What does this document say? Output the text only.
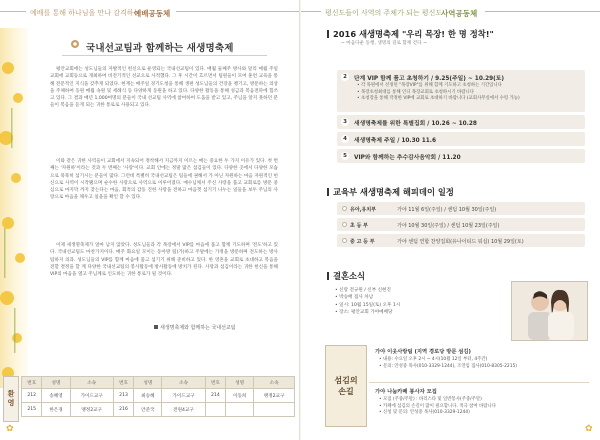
예배를 통해 하나님을 만나 감격하는
예배공동체
국내선교팀과 함께하는 새생명축제

평안교회에는 성도님들의 자발적인 헌신으로 운영되는 국내선교팀이 있다. 매월 둘째주 방사와 달리 매월 주일 교회에 교회등으로 개최하여 비전기적인 선교으로 사적했다. 그 후 시간이 흐르면서 팀원들이 모여 훈련 교육을 통해 전문적인 지식을 갖추게 되었다. 현재는 매주일 경기도청을 통해 생편 성도님들의 건강을 챙기고, 방문하는 의상을 주체하여 동원 매월 속원 및 세례식 등 다양하게 동원을 하고 있다. 다양한 활동을 통해 성금과 복음전파에 힘쓰고 있다. 그 결과 매년 1,000여명의 분들이 국내 선교팀 사역에 참여하여 도움을 받고 있고, 주님을 알지 못하던 분들이 복음을 듣게 되는 귀한 통로로 사용되고 있다.

이와 같은 귀한 사역들이 교회에서 지속되어 정착해서 지금까지 이르는 매는 중요한 두 가지 이유가 있다. 첫 번째는 '자원하'이라는 것과 두 번째는 '사랑'이다. 교회 안에는 정말 많은 섬김들이 있다. 다양한 곳에서 다양한 모습으로 묵묵히 섬기시는 분들이 많다. 그런데 특별히 국내선교팀은 팀들에 권해서 가 아닌 자원하는 마음 자원적인 헌신으로 사역이 시작됐으며 순수한 사랑으로 사역으로 이루어졌다. 예수님께서 주신 사랑을 품고 교회로를 방문 중심으로 마지막 까지 찾는다는 마음, 회적의 감동 진한 사랑을 전하고 마음껏 섬기기 나누는 일들을 보두 주님의 사랑으로 마음을 채우고 일을을 확인 할 수 있다.

이제 새생명축제가 얼마 남지 않았다. 성도님들과 각 목장에서 VIP를 마음에 품고 함께 기도하며 '전도'하고 있다. 국내선교팀도 마찬가지이다. 매주 화요일 모이는 동아방 팀(가)하고 주말에는 가정을 방문하며 전도하는 방사팀하지 의과. 성도님들의 VIP를 함께 마음에 품고 섬기기 위해 준비하고 있다. 한 영혼을 교회로 초대하고 복음을 전할 결정을 할 계 다양한 국내선교팀의 봉사활동에 방사활동에 방치가 된다. 사랑과 섬김이라는 귀한 헌신을 통해 VIP의 마음을 열고 주님께로 인도하는 귀한 통로가 될 것이다.

새생명축제와 함께하는 국내선교팀
환
영
번호	성명	소속	번호	성명	소속	번호	성명	소속
212	송혜영	가이드교구	213	최승혜	가이드교구	214	이동희	맹정2교구
215	한은경	맹정2교구	216	안준국	전원4교구			
✿
평신도들이 사역의 주체가 되는 평신도
사역공동체
2016 새생명축제 "우리 목장! 한 명 정착!"
~ 마음다운 동행, 생명의 길로 함께 걷다 ~
2	단계 VIP 함께 품고 초청하기 / 9.25(주일) ~ 10.29(토)
• 각 목원에서 선정된 "목장VIP"를 위해 함께 기도하고 초청하는 기간입니다
• 목장초청최대를 통해 인디 목장교회로 초청하시기 바랍니다
• 초청장을 통해 작정한 VIP에 교회로 초대하기 바랍니다 (교회사무실에서 수령 가능)
3	새생명축제를 위한 특별집회 / 10.26 ~ 10.28
4	새생명축제 주일 / 10.30 11.6
5	VIP와 함께하는 추수감사음악회 / 11.20
교육부 새생명축제 해피데이 일정
유아,유치부	가야 11월 6일(주일) / 센텀 10월 30일(주일)
초 등 부	가야 10월 30일(주일) / 센텀 10월 23일(주일)
중 고 등 부	가야 센텀 연합 찬양집회(유나이티드 워십) 10월 29일(토)
결혼소식
• 신랑 전규원 / 신부 신현진
• 박승배 집사 차남
• 일시: 10월 15일(토) 오후 1시
• 장소: 평안교회 가야예배당
섬김의
손길
가야 이웃사랑팀 (지역 경로당 방문 섬김)
• 내용: 수요일 오후 2시 ~ 4시(10월 12일 부터, 4주간)
• 문의: 안성중 목사(010-3329-1244), 조연임 집사(010-8305-2215)
가야 나눔카페 봉사자 모집
• 모집 (주중/주말) : 바리스타 및 일반봉사(주중/주말)
• 카페에 섬김의 손길이 많이 필요합니다. 적극 참여 바랍니다
• 신청 및 문의: 안성중 목사(010-3329-1244)
✿
